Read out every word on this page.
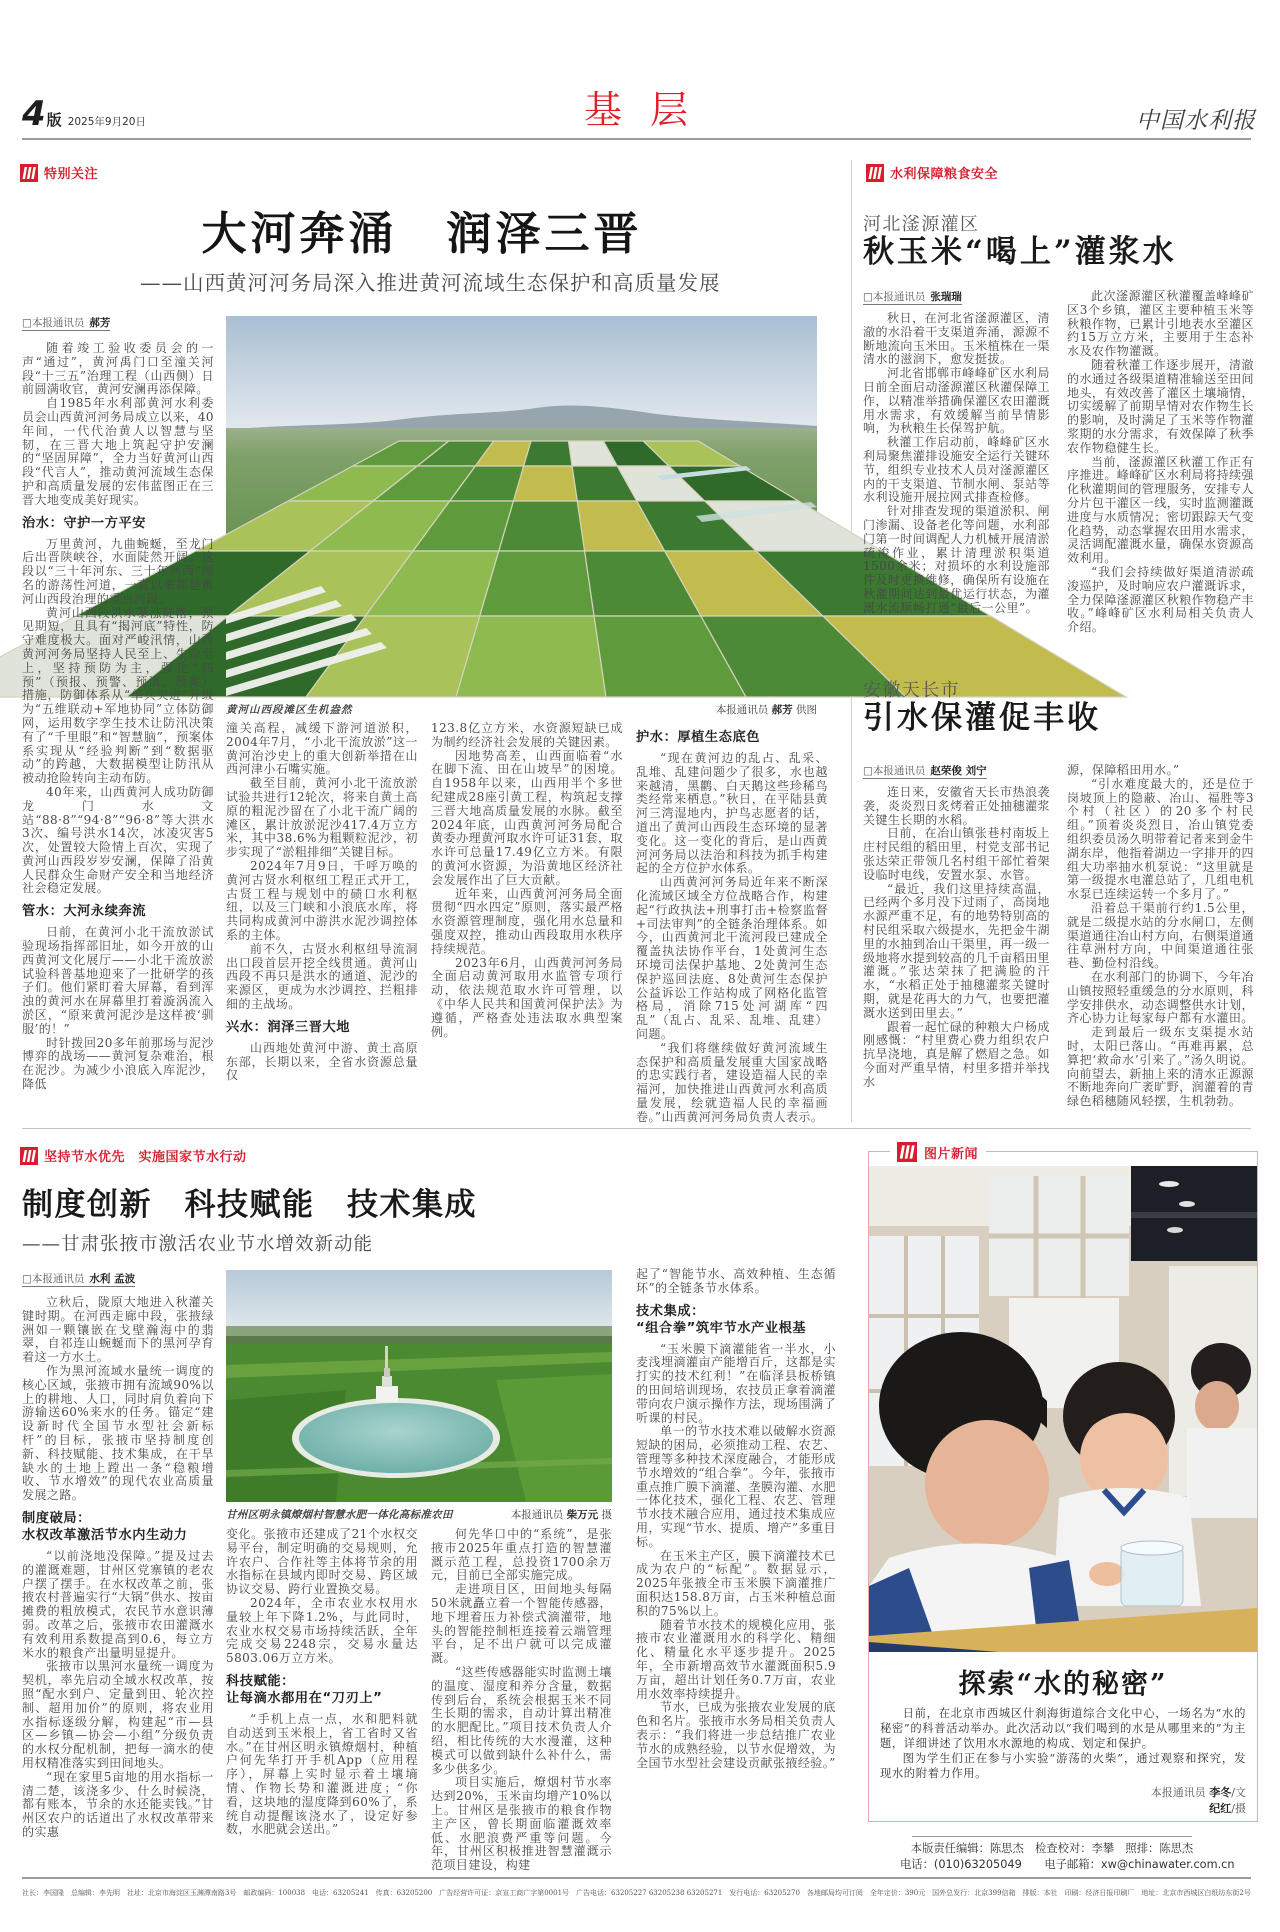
4 版 2025年9月20日	基 层	中国水利报
特别关注	水利保障粮食安全
大河奔涌　润泽三晋
——山西黄河河务局深入推进黄河流域生态保护和高质量发展
□本报通讯员 郝芳
黄河山西段滩区生机盎然	本报通讯员 郝芳 供图

随着竣工验收委员会的一声“通过”，黄河禹门口至潼关河段“十三五”治理工程（山西侧）日前圆满收官，黄河安澜再添保障。

自1985年水利部黄河水利委员会山西黄河河务局成立以来，40年间，一代代治黄人以智慧与坚韧，在三晋大地上筑起守护安澜的“坚固屏障”，全力当好黄河山西段“代言人”，推动黄河流域生态保护和高质量发展的宏伟蓝图正在三晋大地变成美好现实。

治水：守护一方平安

万里黄河，九曲蜿蜒，至龙门后出晋陕峡谷，水面陡然开阔。这段以“三十年河东、三十年河西”闻名的游荡性河道，一直以来都是黄河山西段治理的重点河段。

黄河山西段洪水暴涨陡落，预见期短，且具有“揭河底”特性，防守难度极大。面对严峻汛情，山西黄河河务局坚持人民至上、生命至上，坚持预防为主，强化“四预”（预报、预警、预演、预案）措施，防御体系从“单兵突进”升级为“五维联动+军地协同”立体防御网，运用数字孪生技术让防汛决策有了“千里眼”和“智慧脑”，预案体系实现从“经验判断”到“数据驱动”的跨越，大数据模型让防汛从被动抢险转向主动布防。

40年来，山西黄河人成功防御龙门水文站“88·8”“94·8”“96·8”等大洪水3次、编号洪水14次，冰凌灾害5次，处置较大险情上百次，实现了黄河山西段岁岁安澜，保障了沿黄人民群众生命财产安全和当地经济社会稳定发展。

管水：大河永续奔流

日前，在黄河小北干流放淤试验现场指挥部旧址，如今开放的山西黄河文化展厅——小北干流放淤试验科普基地迎来了一批研学的孩子们。他们紧盯着大屏幕，看到浑浊的黄河水在屏幕里打着漩涡流入淤区，“原来黄河泥沙是这样被‘驯服’的！”

时针拨回20多年前那场与泥沙博弈的战场——黄河复杂难治，根在泥沙。为减少小浪底入库泥沙，降低

潼关高程，减缓下游河道淤积，2004年7月，“小北干流放淤”这一黄河治沙史上的重大创新举措在山西河津小石嘴实施。

截至目前，黄河小北干流放淤试验共进行12轮次，将来自黄土高原的粗泥沙留在了小北干流广阔的滩区，累计放淤泥沙417.4万立方米，其中38.6%为粗颗粒泥沙，初步实现了“淤粗排细”关键目标。

2024年7月9日，千呼万唤的黄河古贤水利枢纽工程正式开工，古贤工程与规划中的碛口水利枢纽，以及三门峡和小浪底水库，将共同构成黄河中游洪水泥沙调控体系的主体。

前不久，古贤水利枢纽导流洞出口段首层开挖全线贯通。黄河山西段不再只是洪水的通道、泥沙的来源区，更成为水沙调控、拦粗排细的主战场。

兴水：润泽三晋大地

山西地处黄河中游、黄土高原东部，长期以来，全省水资源总量仅

123.8亿立方米，水资源短缺已成为制约经济社会发展的关键因素。

因地势高差，山西面临着“水在脚下流、田在山坡旱”的困境。自1958年以来，山西用半个多世纪建成28座引黄工程，构筑起支撑三晋大地高质量发展的水脉。截至2024年底，山西黄河河务局配合黄委办理黄河取水许可证31套，取水许可总量17.49亿立方米。有限的黄河水资源，为沿黄地区经济社会发展作出了巨大贡献。

近年来，山西黄河河务局全面贯彻“四水四定”原则，落实最严格水资源管理制度，强化用水总量和强度双控，推动山西段取用水秩序持续规范。

2023年6月，山西黄河河务局全面启动黄河取用水监管专项行动，依法规范取水许可管理，以《中华人民共和国黄河保护法》为遵循，严格查处违法取水典型案例。

护水：厚植生态底色

“现在黄河边的乱占、乱采、乱堆、乱建问题少了很多，水也越来越清，黑鹳、白天鹅这些珍稀鸟类经常来栖息。”秋日，在平陆县黄河三湾湿地内，护鸟志愿者的话，道出了黄河山西段生态环境的显著变化。这一变化的背后，是山西黄河河务局以法治和科技为抓手构建起的全方位护水体系。

山西黄河河务局近年来不断深化流域区域全方位战略合作，构建起“行政执法+刑事打击+检察监督+司法审判”的全链条治理体系。如今，山西黄河北干流河段已建成全覆盖执法协作平台，1处黄河生态环境司法保护基地、2处黄河生态保护巡回法庭、8处黄河生态保护公益诉讼工作站构成了网格化监管格局，消除715处河湖库“四乱”（乱占、乱采、乱堆、乱建）问题。

“我们将继续做好黄河流域生态保护和高质量发展重大国家战略的忠实践行者，建设造福人民的幸福河，加快推进山西黄河水利高质量发展，绘就造福人民的幸福画卷。”山西黄河河务局负责人表示。

河北滏源灌区
秋玉米“喝上”灌浆水
□本报通讯员 张瑞瑞

秋日，在河北省滏源灌区，清澈的水沿着干支渠道奔涌，源源不断地流向玉米田。玉米植株在一渠清水的滋润下，愈发挺拔。

河北省邯郸市峰峰矿区水利局日前全面启动滏源灌区秋灌保障工作，以精准举措确保灌区农田灌溉用水需求，有效缓解当前旱情影响，为秋粮生长保驾护航。

秋灌工作启动前，峰峰矿区水利局聚焦灌排设施安全运行关键环节，组织专业技术人员对滏源灌区内的干支渠道、节制水闸、泵站等水利设施开展拉网式排查检修。

针对排查发现的渠道淤积、闸门渗漏、设备老化等问题，水利部门第一时间调配人力机械开展清淤疏浚作业，累计清理淤积渠道1500余米；对损坏的水利设施部件及时更换维修，确保所有设施在秋灌期间达到最优运行状态，为灌溉水流顺畅打通“最后一公里”。

此次滏源灌区秋灌覆盖峰峰矿区3个乡镇，灌区主要种植玉米等秋粮作物，已累计引地表水至灌区约15万立方米，主要用于生态补水及农作物灌溉。

随着秋灌工作逐步展开，清澈的水通过各级渠道精准输送至田间地头，有效改善了灌区土壤墒情，切实缓解了前期旱情对农作物生长的影响，及时满足了玉米等作物灌浆期的水分需求，有效保障了秋季农作物稳健生长。

当前，滏源灌区秋灌工作正有序推进。峰峰矿区水利局将持续强化秋灌期间的管理服务，安排专人分片包干灌区一线，实时监测灌溉进度与水质情况；密切跟踪天气变化趋势，动态掌握农田用水需求，灵活调配灌溉水量，确保水资源高效利用。

“我们会持续做好渠道清淤疏浚巡护，及时响应农户灌溉诉求，全力保障滏源灌区秋粮作物稳产丰收。”峰峰矿区水利局相关负责人介绍。

安徽天长市
引水保灌促丰收
□本报通讯员 赵荣俊 刘宁

连日来，安徽省天长市热浪袭袭，炎炎烈日炙烤着正处抽穗灌浆关键生长期的水稻。

日前，在冶山镇张巷村南坂上庄村民组的稻田里，村党支部书记张达荣正带领几名村组干部忙着架设临时电线，安置水泵、水管。

“最近，我们这里持续高温，已经两个多月没下过雨了，高岗地水源严重不足，有的地势特别高的村民组采取六级提水，先把金牛湖里的水抽到冶山干渠里，再一级一级地将水提到较高的几千亩稻田里灌溉。”张达荣抹了把满脸的汗水，“水稻正处于抽穗灌浆关键时期，就是花再大的力气，也要把灌溉水送到田里去。”

跟着一起忙碌的种粮大户杨成刚感慨：“村里费心费力组织农户抗旱浇地，真是解了燃眉之急。如今面对严重旱情，村里多措并举找水

源，保障稻田用水。”

“引水难度最大的，还是位于岗坡顶上的隐蔽、冶山、福胜等3个村（社区）的20多个村民组。”顶着炎炎烈日，冶山镇党委组织委员汤久明带着记者来到金牛湖东岸，他指着湖边一字排开的四组大功率抽水机泵说：“这里就是第一级提水电灌总站了，几组电机水泵已连续运转一个多月了。”

沿着总干渠前行约1.5公里，就是二级提水站的分水闸口，左侧渠道通往冶山村方向，右侧渠道通往草洲村方向，中间渠道通往张巷、勤俭村沿线。

在水利部门的协调下，今年冶山镇按照轻重缓急的分水原则，科学安排供水，动态调整供水计划，齐心协力让每家每户都有水灌田。

走到最后一级东支渠提水站时，太阳已落山。“再难再累，总算把‘救命水’引来了。”汤久明说。向前望去，新抽上来的清水正源源不断地奔向广袤旷野，润灌着的青绿色稻穗随风轻摆，生机勃勃。

坚持节水优先　实施国家节水行动
制度创新　科技赋能　技术集成
——甘肃张掖市激活农业节水增效新动能
□本报通讯员 水利 孟波
甘州区明永镇燎烟村智慧水肥一体化高标准农田	本报通讯员 柴万元 摄

立秋后，陇原大地进入秋灌关键时期。在河西走廊中段，张掖绿洲如一颗镶嵌在戈壁瀚海中的翡翠，自祁连山蜿蜒而下的黑河孕育着这一方水土。

作为黑河流域水量统一调度的核心区域，张掖市拥有流域90%以上的耕地、人口，同时肩负着向下游输送60%来水的任务。锚定“建设新时代全国节水型社会新标杆”的目标，张掖市坚持制度创新、科技赋能、技术集成，在干旱缺水的土地上蹚出一条“稳粮增收、节水增效”的现代农业高质量发展之路。

制度破局：
水权改革激活节水内生动力

“以前浇地没保障。”提及过去的灌溉难题，甘州区党寨镇的老农户摆了摆手。在水权改革之前，张掖农村普遍实行“大锅”供水、按亩摊费的粗放模式，农民节水意识薄弱。改革之后，张掖市农田灌溉水有效利用系数提高到0.6，每立方米水的粮食产出量明显提升。

张掖市以黑河水量统一调度为契机，率先启动全域水权改革，按照“配水到户、定量到田、轮次控制、超用加价”的原则，将农业用水指标逐级分解，构建起“市—县区—乡镇—协会—小组”分级负责的水权分配机制，把每一滴水的使用权精准落实到田间地头。

“现在家里5亩地的用水指标一清二楚，该浇多少、什么时候浇，都有账本，节余的水还能卖钱。”甘州区农户的话道出了水权改革带来的实惠

变化。张掖市还建成了21个水权交易平台，制定明确的交易规则，允许农户、合作社等主体将节余的用水指标在县域内即时交易、跨区域协议交易、跨行业置换交易。

2024年，全市农业水权用水量较上年下降1.2%，与此同时，农业水权交易市场持续活跃，全年完成交易2248宗，交易水量达5803.06万立方米。

科技赋能：
让每滴水都用在“刀刃上”

“手机上点一点，水和肥料就自动送到玉米根上，省工省时又省水。”在甘州区明永镇燎烟村，种植户何先华打开手机App（应用程序），屏幕上实时显示着土壤墒情、作物长势和灌溉进度；“你看，这块地的湿度降到60%了，系统自动提醒该浇水了，设定好参数，水肥就会送出。”

何先华口中的“系统”，是张掖市2025年重点打造的智慧灌溉示范工程，总投资1700余万元，目前已全部实施完成。

走进项目区，田间地头每隔50米就矗立着一个智能传感器，地下埋着压力补偿式滴灌带，地头的智能控制柜连接着云端管理平台，足不出户就可以完成灌溉。

“这些传感器能实时监测土壤的温度、湿度和养分含量，数据传到后台，系统会根据玉米不同生长期的需求，自动计算出精准的水肥配比。”项目技术负责人介绍，相比传统的大水漫灌，这种模式可以做到缺什么补什么，需多少供多少。

项目实施后，燎烟村节水率达到20%，玉米亩均增产10%以上。甘州区是张掖市的粮食作物主产区，曾长期面临灌溉效率低、水肥浪费严重等问题。今年，甘州区积极推进智慧灌溉示范项目建设，构建

起了“智能节水、高效种植、生态循环”的全链条节水体系。

技术集成：
“组合拳”筑牢节水产业根基

“玉米膜下滴灌能省一半水，小麦浅埋滴灌亩产能增百斤，这都是实打实的技术红利！”在临泽县板桥镇的田间培训现场，农技员正拿着滴灌带向农户演示操作方法，现场围满了听课的村民。

单一的节水技术难以破解水资源短缺的困局，必须推动工程、农艺、管理等多种技术深度融合，才能形成节水增效的“组合拳”。今年，张掖市重点推广膜下滴灌、垄膜沟灌、水肥一体化技术，强化工程、农艺、管理节水技术融合应用，通过技术集成应用，实现“节水、提质、增产”多重目标。

在玉米主产区，膜下滴灌技术已成为农户的“标配”。数据显示，2025年张掖全市玉米膜下滴灌推广面积达158.8万亩，占玉米种植总面积的75%以上。

随着节水技术的规模化应用，张掖市农业灌溉用水的科学化、精细化、精量化水平逐步提升。2025年，全市新增高效节水灌溉面积5.9万亩，超出计划任务0.7万亩，农业用水效率持续提升。

节水，已成为张掖农业发展的底色和名片。张掖市水务局相关负责人表示：“我们将进一步总结推广农业节水的成熟经验，以节水促增效，为全国节水型社会建设贡献张掖经验。”

图片新闻
探索“水的秘密”

日前，在北京市西城区什刹海街道综合文化中心，一场名为“水的秘密”的科普活动举办。此次活动以“我们喝到的水是从哪里来的”为主题，详细讲述了饮用水水源地的构成、划定和保护。

图为学生们正在参与小实验“游荡的火柴”，通过观察和探究，发现水的附着力作用。

本报通讯员 李冬/文
纪红/摄
本版责任编辑：陈思杰　检查校对：李攀　照排：陈思杰
电话：(010)63205049　　 电子邮箱：xw@chinawater.com.cn
社长：李国隆 总编辑：李先明 社址：北京市海淀区玉渊潭南路3号 邮政编码：100038 电话：63205241 传真：63205200 广告经营许可证：京宣工商广字第0001号 广告电话：63205227 63205238 63205271 发行电话：63205270 各地邮局均可订阅 全年定价：390元 国外总发行：北京399信箱 排版：本社 印刷：经济日报印刷厂 地址：北京市西城区白纸坊东街2号
